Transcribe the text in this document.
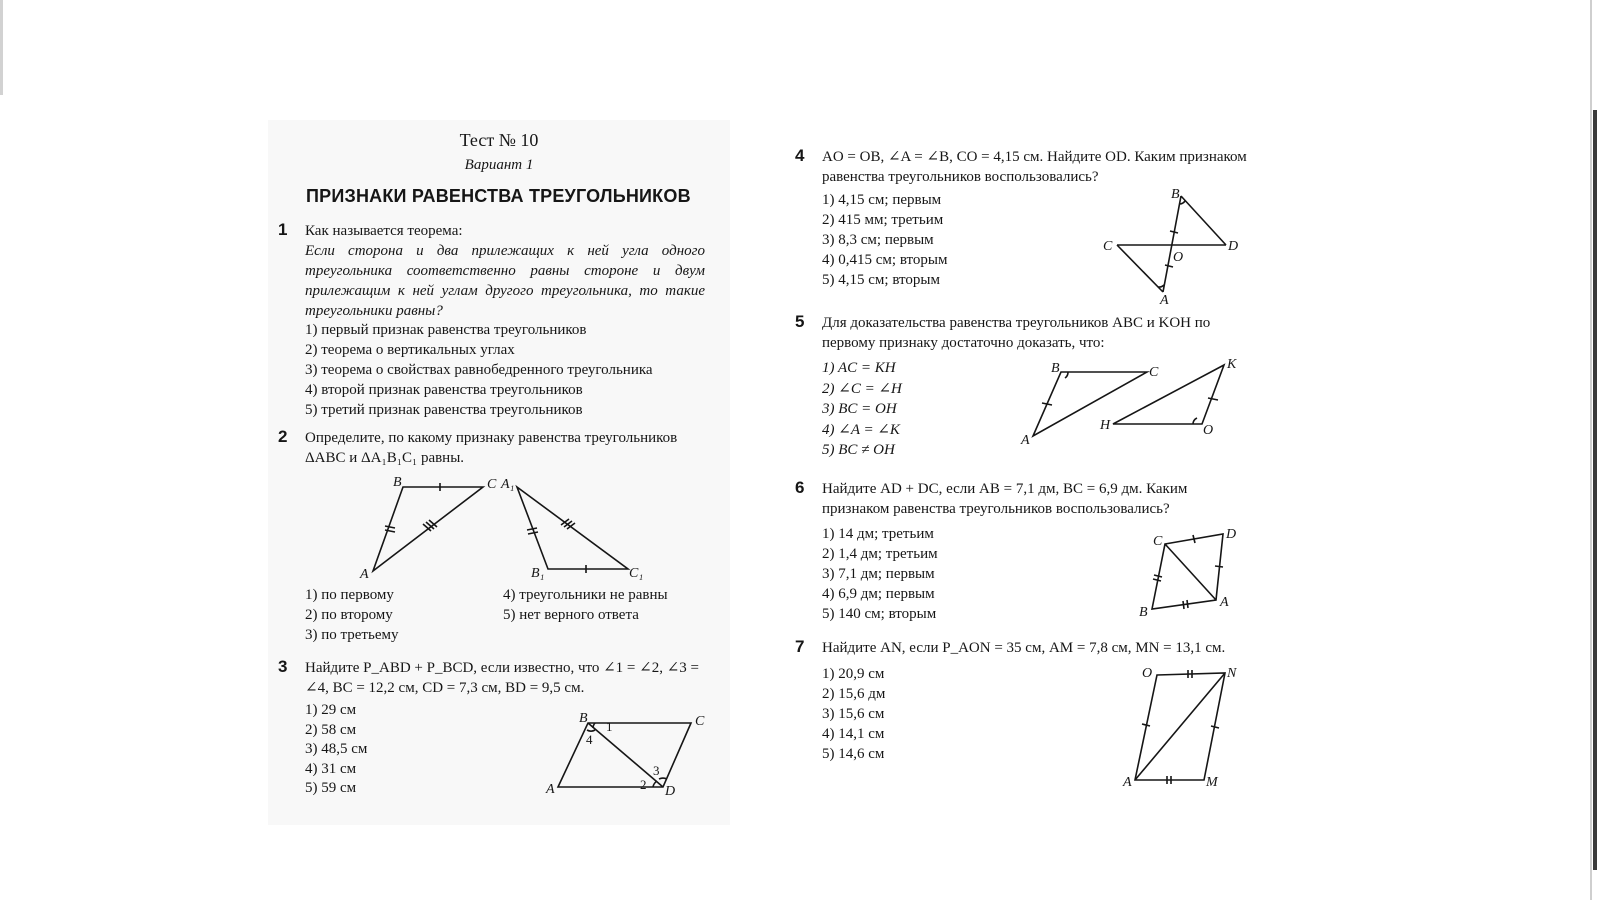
Тест № 10
Вариант 1
ПРИЗНАКИ РАВЕНСТВА ТРЕУГОЛЬНИКОВ
1 Как называется теорема:
Если сторона и два прилежащих к ней угла одного треугольника соответственно равны стороне и двум прилежащим к ней углам другого треугольника, то такие треугольники равны?
1) первый признак равенства треугольников
2) теорема о вертикальных углах
3) теорема о свойствах равнобедренного треугольника
4) второй признак равенства треугольников
5) третий признак равенства треугольников
2 Определите, по какому признаку равенства треугольников ΔABC и ΔA₁B₁C₁ равны.
B	C
A
A₁
B₁	C₁
1) по первому
2) по второму
3) по третьему
4) треугольники не равны
5) нет верного ответа
3 Найдите P_ABD + P_BCD, если известно, что ∠1 = ∠2, ∠3 = ∠4, BC = 12,2 см, CD = 7,3 см, BD = 9,5 см.
1) 29 см
2) 58 см
3) 48,5 см
4) 31 см
5) 59 см
B	C
A	D
1
4
3
2
4 AO = OB, ∠A = ∠B, CO = 4,15 см. Найдите OD. Каким признаком равенства треугольников воспользовались?
1) 4,15 см; первым
2) 415 мм; третьим
3) 8,3 см; первым
4) 0,415 см; вторым
5) 4,15 см; вторым
B
C
O
D
A
5 Для доказательства равенства треугольников ABC и KOH по первому признаку достаточно доказать, что:
1) AC = KH
2) ∠C = ∠H
3) BC = OH
4) ∠A = ∠K
5) BC ≠ OH
B	C
A
K
H	O
6 Найдите AD + DC, если AB = 7,1 дм, BC = 6,9 дм. Каким признаком равенства треугольников воспользовались?
1) 14 дм; третьим
2) 1,4 дм; третьим
3) 7,1 дм; первым
4) 6,9 дм; первым
5) 140 см; вторым
C	D
B
A
7 Найдите AN, если P_AON = 35 см, AM = 7,8 см, MN = 13,1 см.
1) 20,9 см
2) 15,6 дм
3) 15,6 см
4) 14,1 см
5) 14,6 см
O	N
A	M
